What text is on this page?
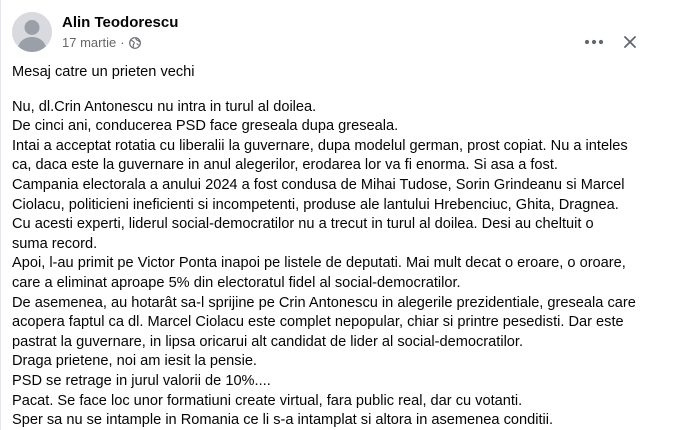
Alin Teodorescu
17 martie ·

Mesaj catre un prieten vechi

Nu, dl.Crin Antonescu nu intra in turul al doilea.

De cinci ani, conducerea PSD face greseala dupa greseala.

Intai a acceptat rotatia cu liberalii la guvernare, dupa modelul german, prost copiat. Nu a inteles

ca, daca este la guvernare in anul alegerilor, erodarea lor va fi enorma. Si asa a fost.

Campania electorala a anului 2024 a fost condusa de Mihai Tudose, Sorin Grindeanu si Marcel

Ciolacu, politicieni ineficienti si incompetenti, produse ale lantului Hrebenciuc, Ghita, Dragnea.

Cu acesti experti, liderul social-democratilor nu a trecut in turul al doilea. Desi au cheltuit o

suma record.

Apoi, l-au primit pe Victor Ponta inapoi pe listele de deputati. Mai mult decat o eroare, o oroare,

care a eliminat aproape 5% din electoratul fidel al social-democratilor.

De asemenea, au hotarât sa-l sprijine pe Crin Antonescu in alegerile prezidentiale, greseala care

acopera faptul ca dl. Marcel Ciolacu este complet nepopular, chiar si printre pesedisti. Dar este

pastrat la guvernare, in lipsa oricarui alt candidat de lider al social-democratilor.

Draga prietene, noi am iesit la pensie.

PSD se retrage in jurul valorii de 10%....

Pacat. Se face loc unor formatiuni create virtual, fara public real, dar cu votanti.

Sper sa nu se intample in Romania ce li s-a intamplat si altora in asemenea conditii.
